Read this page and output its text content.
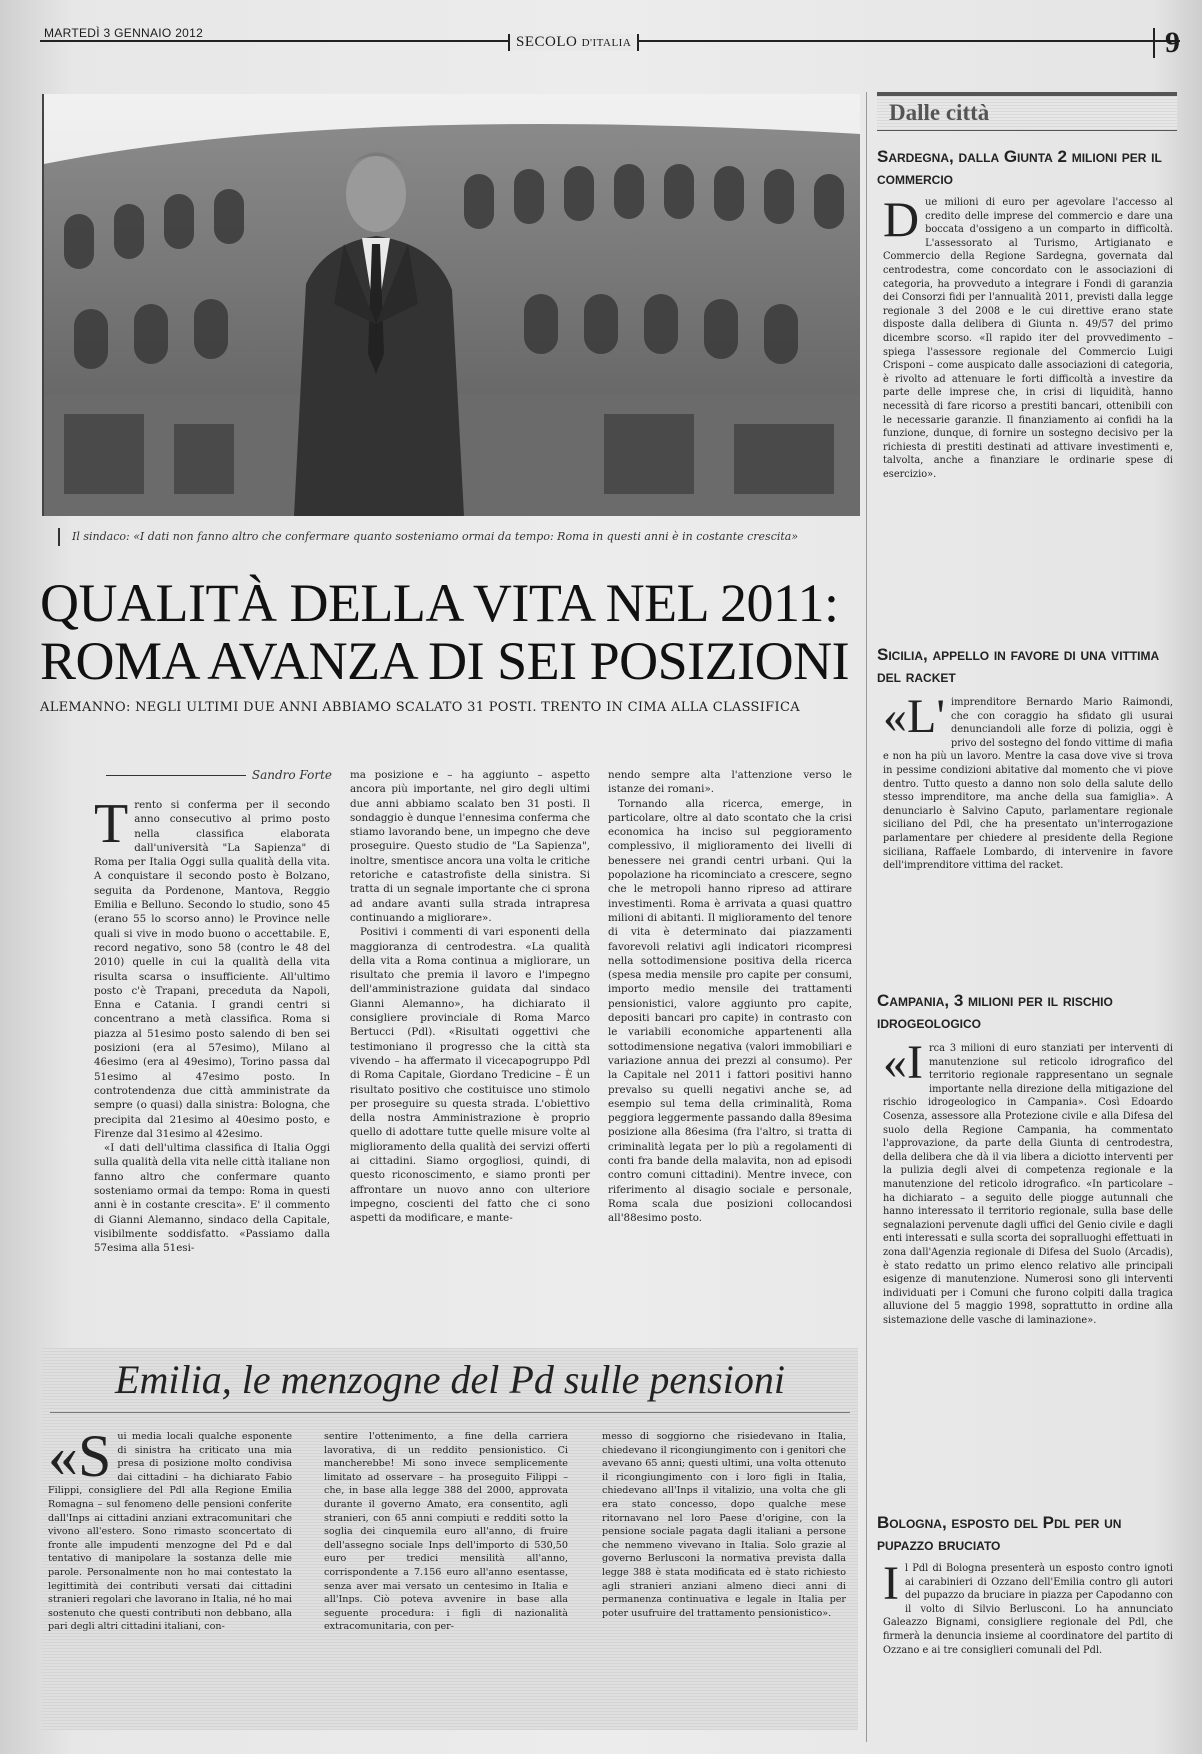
MARTEDÌ 3 GENNAIO 2012
SECOLO D'ITALIA	9
Il sindaco: «I dati non fanno altro che confermare quanto sosteniamo ormai da tempo: Roma in questi anni è in costante crescita»
QUALITÀ DELLA VITA NEL 2011:
ROMA AVANZA DI SEI POSIZIONI
ALEMANNO: NEGLI ULTIMI DUE ANNI ABBIAMO SCALATO 31 POSTI. TRENTO IN CIMA ALLA CLASSIFICA
Sandro Forte
T rento si conferma per il secondo anno consecutivo al primo posto nella classifica elaborata dall'università "La Sapienza" di Roma per Italia Oggi sulla qualità della vita. A conquistare il secondo posto è Bolzano, seguita da Pordenone, Mantova, Reggio Emilia e Belluno. Secondo lo studio, sono 45 (erano 55 lo scorso anno) le Province nelle quali si vive in modo buono o accettabile. E, record negativo, sono 58 (contro le 48 del 2010) quelle in cui la qualità della vita risulta scarsa o insufficiente. All'ultimo posto c'è Trapani, preceduta da Napoli, Enna e Catania. I grandi centri si concentrano a metà classifica. Roma si piazza al 51esimo posto salendo di ben sei posizioni (era al 57esimo), Milano al 46esimo (era al 49esimo), Torino passa dal 51esimo al 47esimo posto. In controtendenza due città amministrate da sempre (o quasi) dalla sinistra: Bologna, che precipita dal 21esimo al 40esimo posto, e Firenze dal 31esimo al 42esimo.

«I dati dell'ultima classifica di Italia Oggi sulla qualità della vita nelle città italiane non fanno altro che confermare quanto sosteniamo ormai da tempo: Roma in questi anni è in costante crescita». E' il commento di Gianni Alemanno, sindaco della Capitale, visibilmente soddisfatto. «Passiamo dalla 57esima alla 51esi-

ma posizione e – ha aggiunto – aspetto ancora più importante, nel giro degli ultimi due anni abbiamo scalato ben 31 posti. Il sondaggio è dunque l'ennesima conferma che stiamo lavorando bene, un impegno che deve proseguire. Questo studio de "La Sapienza", inoltre, smentisce ancora una volta le critiche retoriche e catastrofiste della sinistra. Si tratta di un segnale importante che ci sprona ad andare avanti sulla strada intrapresa continuando a migliorare».

Positivi i commenti di vari esponenti della maggioranza di centrodestra. «La qualità della vita a Roma continua a migliorare, un risultato che premia il lavoro e l'impegno dell'amministrazione guidata dal sindaco Gianni Alemanno», ha dichiarato il consigliere provinciale di Roma Marco Bertucci (Pdl). «Risultati oggettivi che testimoniano il progresso che la città sta vivendo – ha affermato il vicecapogruppo Pdl di Roma Capitale, Giordano Tredicine – È un risultato positivo che costituisce uno stimolo per proseguire su questa strada. L'obiettivo della nostra Amministrazione è proprio quello di adottare tutte quelle misure volte al miglioramento della qualità dei servizi offerti ai cittadini. Siamo orgogliosi, quindi, di questo riconoscimento, e siamo pronti per affrontare un nuovo anno con ulteriore impegno, coscienti del fatto che ci sono aspetti da modificare, e mante-

nendo sempre alta l'attenzione verso le istanze dei romani».

Tornando alla ricerca, emerge, in particolare, oltre al dato scontato che la crisi economica ha inciso sul peggioramento complessivo, il miglioramento dei livelli di benessere nei grandi centri urbani. Qui la popolazione ha ricominciato a crescere, segno che le metropoli hanno ripreso ad attirare investimenti. Roma è arrivata a quasi quattro milioni di abitanti. Il miglioramento del tenore di vita è determinato dai piazzamenti favorevoli relativi agli indicatori ricompresi nella sottodimensione positiva della ricerca (spesa media mensile pro capite per consumi, importo medio mensile dei trattamenti pensionistici, valore aggiunto pro capite, depositi bancari pro capite) in contrasto con le variabili economiche appartenenti alla sottodimensione negativa (valori immobiliari e variazione annua dei prezzi al consumo). Per la Capitale nel 2011 i fattori positivi hanno prevalso su quelli negativi anche se, ad esempio sul tema della criminalità, Roma peggiora leggermente passando dalla 89esima posizione alla 86esima (fra l'altro, si tratta di criminalità legata per lo più a regolamenti di conti fra bande della malavita, non ad episodi contro comuni cittadini). Mentre invece, con riferimento al disagio sociale e personale, Roma scala due posizioni collocandosi all'88esimo posto.

Emilia, le menzogne del Pd sulle pensioni
«S ui media locali qualche esponente di sinistra ha criticato una mia presa di posizione molto condivisa dai cittadini – ha dichiarato Fabio Filippi, consigliere del Pdl alla Regione Emilia Romagna – sul fenomeno delle pensioni conferite dall'Inps ai cittadini anziani extracomunitari che vivono all'estero. Sono rimasto sconcertato di fronte alle impudenti menzogne del Pd e dal tentativo di manipolare la sostanza delle mie parole. Personalmente non ho mai contestato la legittimità dei contributi versati dai cittadini stranieri regolari che lavorano in Italia, né ho mai sostenuto che questi contributi non debbano, alla pari degli altri cittadini italiani, con-
sentire l'ottenimento, a fine della carriera lavorativa, di un reddito pensionistico. Ci mancherebbe! Mi sono invece semplicemente limitato ad osservare – ha proseguito Filippi – che, in base alla legge 388 del 2000, approvata durante il governo Amato, era consentito, agli stranieri, con 65 anni compiuti e redditi sotto la soglia dei cinquemila euro all'anno, di fruire dell'assegno sociale Inps dell'importo di 530,50 euro per tredici mensilità all'anno, corrispondente a 7.156 euro all'anno esentasse, senza aver mai versato un centesimo in Italia e all'Inps. Ciò poteva avvenire in base alla seguente procedura: i figli di nazionalità extracomunitaria, con per-
messo di soggiorno che risiedevano in Italia, chiedevano il ricongiungimento con i genitori che avevano 65 anni; questi ultimi, una volta ottenuto il ricongiungimento con i loro figli in Italia, chiedevano all'Inps il vitalizio, una volta che gli era stato concesso, dopo qualche mese ritornavano nel loro Paese d'origine, con la pensione sociale pagata dagli italiani a persone che nemmeno vivevano in Italia. Solo grazie al governo Berlusconi la normativa prevista dalla legge 388 è stata modificata ed è stato richiesto agli stranieri anziani almeno dieci anni di permanenza continuativa e legale in Italia per poter usufruire del trattamento pensionistico».
Dalle città
Sardegna, dalla Giunta 2 milioni per il commercio
D ue milioni di euro per agevolare l'accesso al credito delle imprese del commercio e dare una boccata d'ossigeno a un comparto in difficoltà. L'assessorato al Turismo, Artigianato e Commercio della Regione Sardegna, governata dal centrodestra, come concordato con le associazioni di categoria, ha provveduto a integrare i Fondi di garanzia dei Consorzi fidi per l'annualità 2011, previsti dalla legge regionale 3 del 2008 e le cui direttive erano state disposte dalla delibera di Giunta n. 49/57 del primo dicembre scorso. «Il rapido iter del provvedimento – spiega l'assessore regionale del Commercio Luigi Crisponi – come auspicato dalle associazioni di categoria, è rivolto ad attenuare le forti difficoltà a investire da parte delle imprese che, in crisi di liquidità, hanno necessità di fare ricorso a prestiti bancari, ottenibili con le necessarie garanzie. Il finanziamento ai confidi ha la funzione, dunque, di fornire un sostegno decisivo per la richiesta di prestiti destinati ad attivare investimenti e, talvolta, anche a finanziare le ordinarie spese di esercizio».
Sicilia, appello in favore di una vittima del racket
«L' imprenditore Bernardo Mario Raimondi, che con coraggio ha sfidato gli usurai denunciandoli alle forze di polizia, oggi è privo del sostegno del fondo vittime di mafia e non ha più un lavoro. Mentre la casa dove vive si trova in pessime condizioni abitative dal momento che vi piove dentro. Tutto questo a danno non solo della salute dello stesso imprenditore, ma anche della sua famiglia». A denunciarlo è Salvino Caputo, parlamentare regionale siciliano del Pdl, che ha presentato un'interrogazione parlamentare per chiedere al presidente della Regione siciliana, Raffaele Lombardo, di intervenire in favore dell'imprenditore vittima del racket.
Campania, 3 milioni per il rischio idrogeologico
«I rca 3 milioni di euro stanziati per interventi di manutenzione sul reticolo idrografico del territorio regionale rappresentano un segnale importante nella direzione della mitigazione del rischio idrogeologico in Campania». Così Edoardo Cosenza, assessore alla Protezione civile e alla Difesa del suolo della Regione Campania, ha commentato l'approvazione, da parte della Giunta di centrodestra, della delibera che dà il via libera a diciotto interventi per la pulizia degli alvei di competenza regionale e la manutenzione del reticolo idrografico. «In particolare – ha dichiarato – a seguito delle piogge autunnali che hanno interessato il territorio regionale, sulla base delle segnalazioni pervenute dagli uffici del Genio civile e dagli enti interessati e sulla scorta dei sopralluoghi effettuati in zona dall'Agenzia regionale di Difesa del Suolo (Arcadis), è stato redatto un primo elenco relativo alle principali esigenze di manutenzione. Numerosi sono gli interventi individuati per i Comuni che furono colpiti dalla tragica alluvione del 5 maggio 1998, soprattutto in ordine alla sistemazione delle vasche di laminazione».
Bologna, esposto del Pdl per un pupazzo bruciato
I l Pdl di Bologna presenterà un esposto contro ignoti ai carabinieri di Ozzano dell'Emilia contro gli autori del pupazzo da bruciare in piazza per Capodanno con il volto di Silvio Berlusconi. Lo ha annunciato Galeazzo Bignami, consigliere regionale del Pdl, che firmerà la denuncia insieme al coordinatore del partito di Ozzano e ai tre consiglieri comunali del Pdl.
